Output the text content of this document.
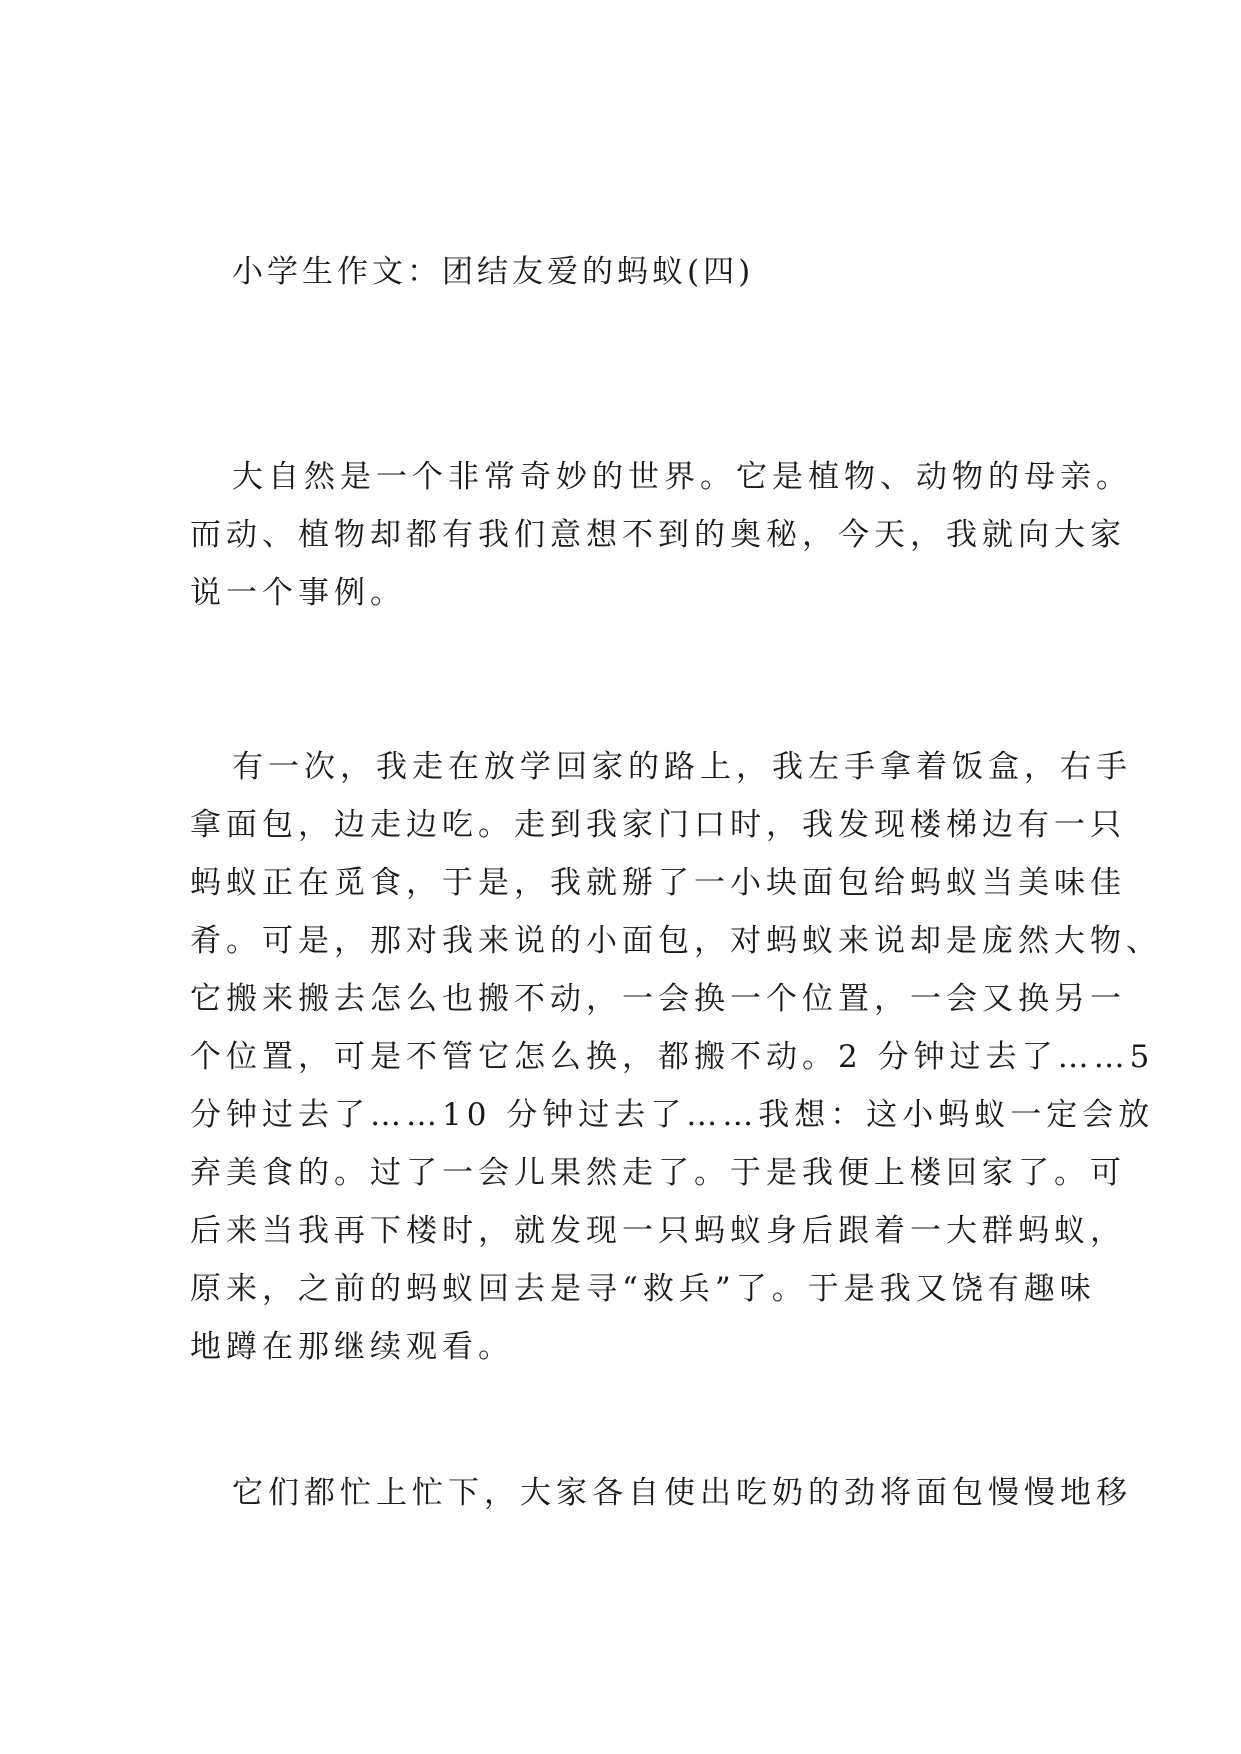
小学生作文：团结友爱的蚂蚁(四)
大自然是一个非常奇妙的世界。它是植物、动物的母亲。
而动、植物却都有我们意想不到的奥秘，今天，我就向大家
说一个事例。
有一次，我走在放学回家的路上，我左手拿着饭盒，右手
拿面包，边走边吃。走到我家门口时，我发现楼梯边有一只
蚂蚁正在觅食，于是，我就掰了一小块面包给蚂蚁当美味佳
肴。可是，那对我来说的小面包，对蚂蚁来说却是庞然大物、
它搬来搬去怎么也搬不动，一会换一个位置，一会又换另一
个位置，可是不管它怎么换，都搬不动。2 分钟过去了……5
分钟过去了……10 分钟过去了……我想：这小蚂蚁一定会放
弃美食的。过了一会儿果然走了。于是我便上楼回家了。可
后来当我再下楼时，就发现一只蚂蚁身后跟着一大群蚂蚁，
原来，之前的蚂蚁回去是寻“救兵”了。于是我又饶有趣味
地蹲在那继续观看。
它们都忙上忙下，大家各自使出吃奶的劲将面包慢慢地移
